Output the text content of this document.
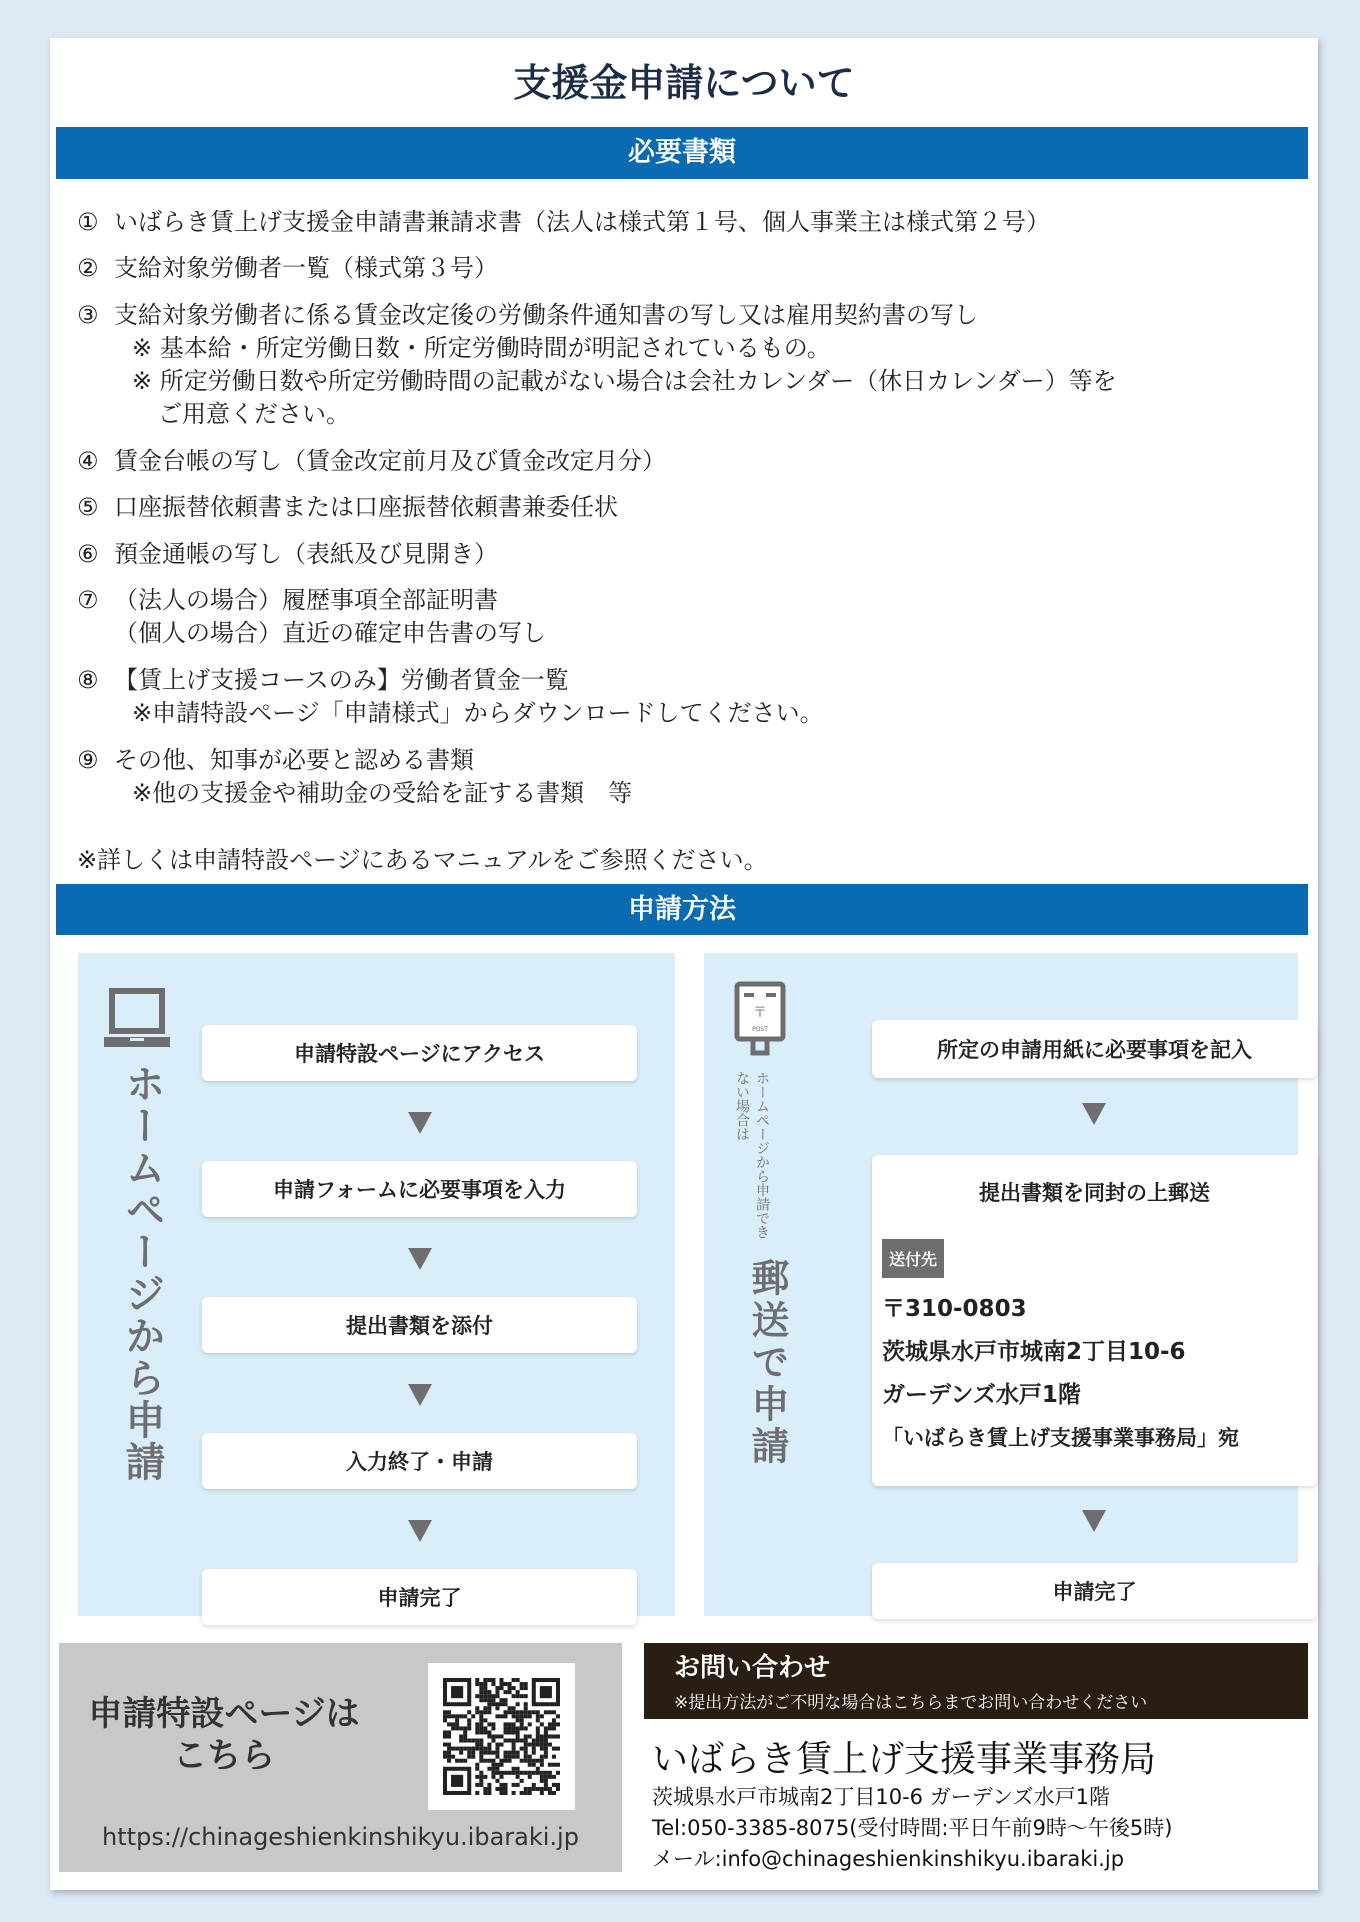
支援金申請について
必要書類
① いばらき賃上げ支援金申請書兼請求書（法人は様式第１号、個人事業主は様式第２号）
② 支給対象労働者一覧（様式第３号）
③ 支給対象労働者に係る賃金改定後の労働条件通知書の写し又は雇用契約書の写し
※ 基本給・所定労働日数・所定労働時間が明記されているもの。
※ 所定労働日数や所定労働時間の記載がない場合は会社カレンダー（休日カレンダー）等を
ご用意ください。
④ 賃金台帳の写し（賃金改定前月及び賃金改定月分）
⑤ 口座振替依頼書または口座振替依頼書兼委任状
⑥ 預金通帳の写し（表紙及び見開き）
⑦ （法人の場合）履歴事項全部証明書
（個人の場合）直近の確定申告書の写し
⑧ 【賃上げ支援コースのみ】労働者賃金一覧
※申請特設ページ「申請様式」からダウンロードしてください。
⑨ その他、知事が必要と認める書類
※他の支援金や補助金の受給を証する書類　等
※詳しくは申請特設ページにあるマニュアルをご参照ください。
申請方法
ホームページから申請
申請特設ページにアクセス
申請フォームに必要事項を入力
提出書類を添付
入力終了・申請
申請完了
〒
POST
ホームページから申請できない場合は
郵送で申請
所定の申請用紙に必要事項を記入
提出書類を同封の上郵送
送付先
〒310-0803
茨城県水戸市城南2丁目10-6
ガーデンズ水戸1階
「いばらき賃上げ支援事業事務局」宛
申請完了
申請特設ページは
こちら
https://chinageshienkinshikyu.ibaraki.jp
お問い合わせ
※提出方法がご不明な場合はこちらまでお問い合わせください
いばらき賃上げ支援事業事務局
茨城県水戸市城南2丁目10-6 ガーデンズ水戸1階
Tel:050-3385-8075(受付時間:平日午前9時～午後5時)
メール:info@chinageshienkinshikyu.ibaraki.jp
